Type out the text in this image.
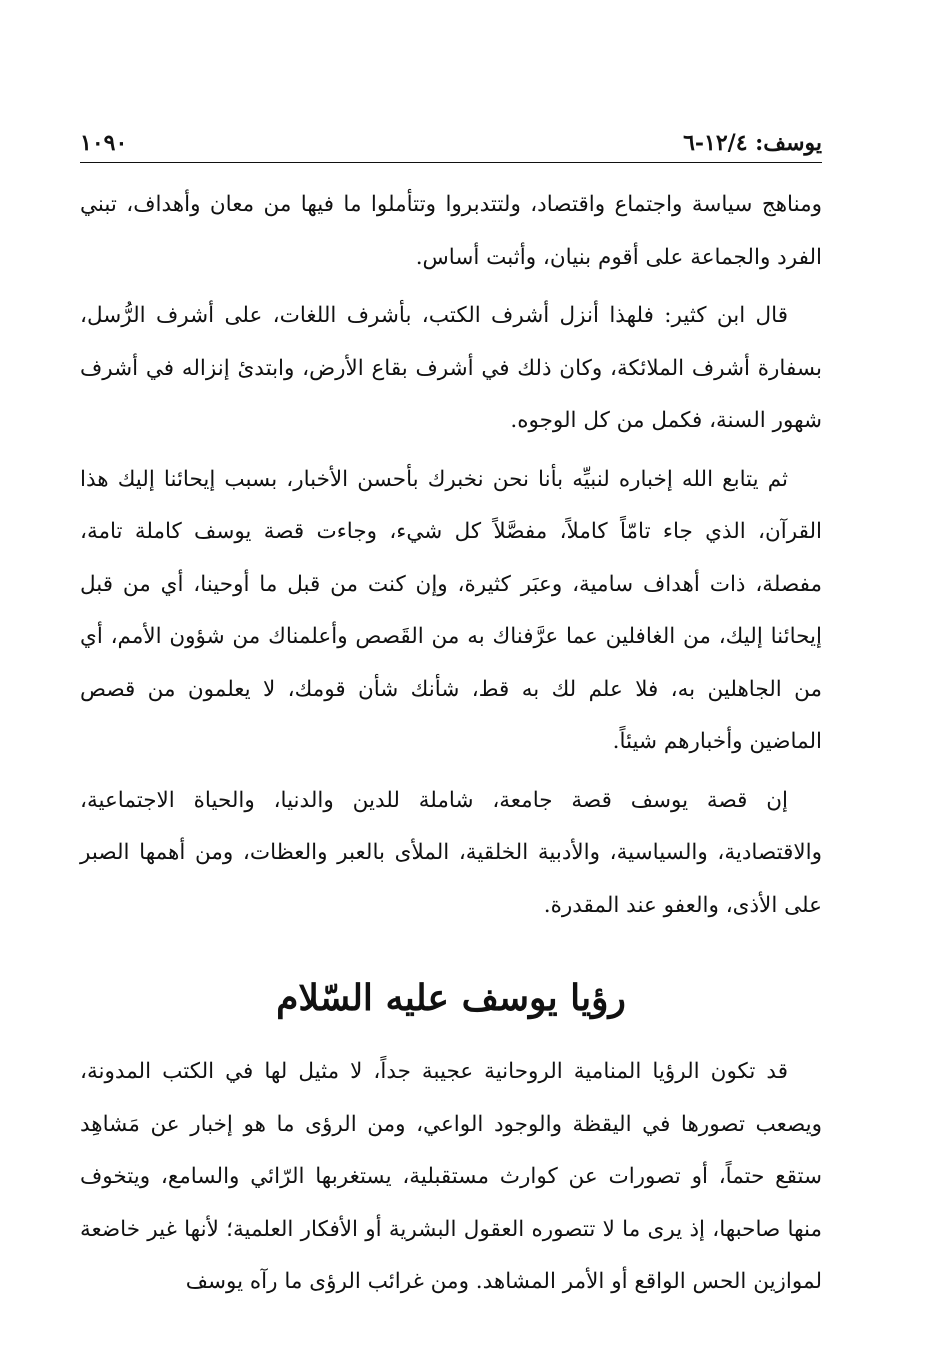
يوسف: ١٢/٤-٦
١٠٩٠

ومناهج سياسة واجتماع واقتصاد، ولتتدبروا وتتأملوا ما فيها من معان وأهداف، تبني الفرد والجماعة على أقوم بنيان، وأثبت أساس.

قال ابن كثير: فلهذا أنزل أشرف الكتب، بأشرف اللغات، على أشرف الرُّسل، بسفارة أشرف الملائكة، وكان ذلك في أشرف بقاع الأرض، وابتدئ إنزاله في أشرف شهور السنة، فكمل من كل الوجوه.

ثم يتابع الله إخباره لنبيِّه بأنا نحن نخبرك بأحسن الأخبار، بسبب إيحائنا إليك هذا القرآن، الذي جاء تامّاً كاملاً، مفصَّلاً كل شيء، وجاءت قصة يوسف كاملة تامة، مفصلة، ذات أهداف سامية، وعبَر كثيرة، وإن كنت من قبل ما أوحينا، أي من قبل إيحائنا إليك، من الغافلين عما عرَّفناك به من القَصص وأعلمناك من شؤون الأمم، أي من الجاهلين به، فلا علم لك به قط، شأنك شأن قومك، لا يعلمون من قصص الماضين وأخبارهم شيئاً.

إن قصة يوسف قصة جامعة، شاملة للدين والدنيا، والحياة الاجتماعية، والاقتصادية، والسياسية، والأدبية الخلقية، الملأى بالعبر والعظات، ومن أهمها الصبر على الأذى، والعفو عند المقدرة.

رؤيا يوسف عليه السّلام

قد تكون الرؤيا المنامية الروحانية عجيبة جداً، لا مثيل لها في الكتب المدونة، ويصعب تصورها في اليقظة والوجود الواعي، ومن الرؤى ما هو إخبار عن مَشاهِد ستقع حتماً، أو تصورات عن كوارث مستقبلية، يستغربها الرّائي والسامع، ويتخوف منها صاحبها، إذ يرى ما لا تتصوره العقول البشرية أو الأفكار العلمية؛ لأنها غير خاضعة لموازين الحس الواقع أو الأمر المشاهد. ومن غرائب الرؤى ما رآه يوسف
